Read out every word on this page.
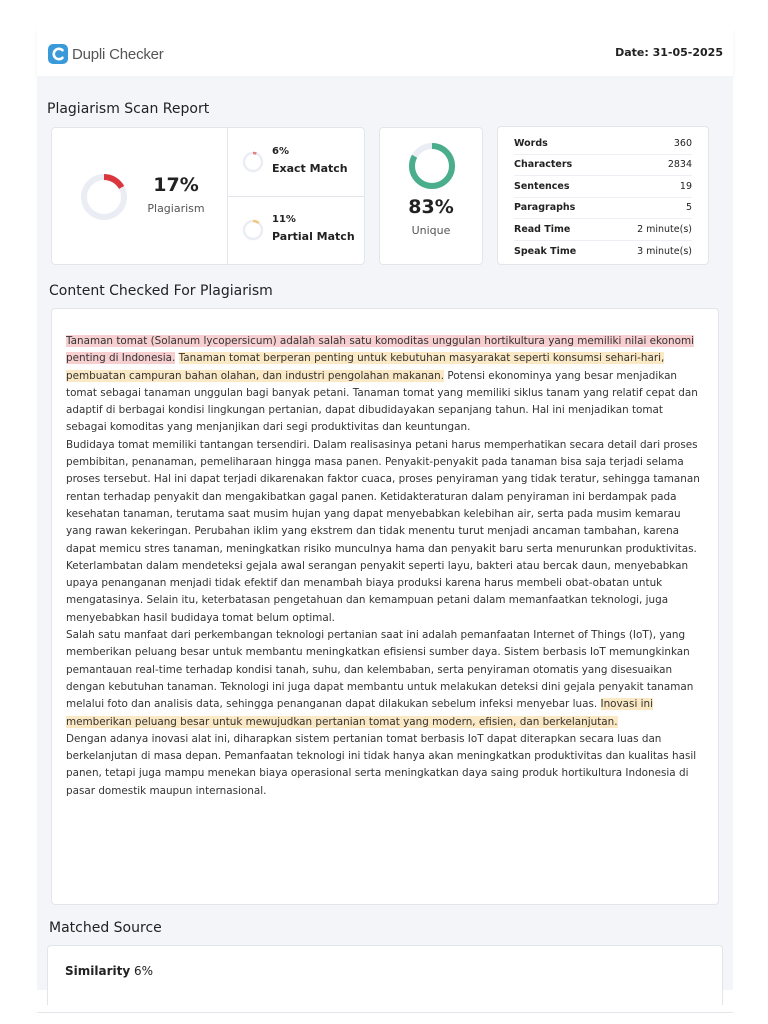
Dupli Checker	Date: 31-05-2025
Plagiarism Scan Report
17%
Plagiarism
6%
Exact Match
11%
Partial Match
83%
Unique
Words	360
Characters	2834
Sentences	19
Paragraphs	5
Read Time	2 minute(s)
Speak Time	3 minute(s)
Content Checked For Plagiarism

Tanaman tomat (Solanum lycopersicum) adalah salah satu komoditas unggulan hortikultura yang memiliki nilai ekonomi penting di Indonesia. Tanaman tomat berperan penting untuk kebutuhan masyarakat seperti konsumsi sehari-hari, pembuatan campuran bahan olahan, dan industri pengolahan makanan. Potensi ekonominya yang besar menjadikan tomat sebagai tanaman unggulan bagi banyak petani. Tanaman tomat yang memiliki siklus tanam yang relatif cepat dan adaptif di berbagai kondisi lingkungan pertanian, dapat dibudidayakan sepanjang tahun. Hal ini menjadikan tomat sebagai komoditas yang menjanjikan dari segi produktivitas dan keuntungan.

Budidaya tomat memiliki tantangan tersendiri. Dalam realisasinya petani harus memperhatikan secara detail dari proses pembibitan, penanaman, pemeliharaan hingga masa panen. Penyakit-penyakit pada tanaman bisa saja terjadi selama proses tersebut. Hal ini dapat terjadi dikarenakan faktor cuaca, proses penyiraman yang tidak teratur, sehingga tamanan rentan terhadap penyakit dan mengakibatkan gagal panen. Ketidakteraturan dalam penyiraman ini berdampak pada kesehatan tanaman, terutama saat musim hujan yang dapat menyebabkan kelebihan air, serta pada musim kemarau yang rawan kekeringan. Perubahan iklim yang ekstrem dan tidak menentu turut menjadi ancaman tambahan, karena dapat memicu stres tanaman, meningkatkan risiko munculnya hama dan penyakit baru serta menurunkan produktivitas.

Keterlambatan dalam mendeteksi gejala awal serangan penyakit seperti layu, bakteri atau bercak daun, menyebabkan upaya penanganan menjadi tidak efektif dan menambah biaya produksi karena harus membeli obat-obatan untuk mengatasinya. Selain itu, keterbatasan pengetahuan dan kemampuan petani dalam memanfaatkan teknologi, juga menyebabkan hasil budidaya tomat belum optimal.

Salah satu manfaat dari perkembangan teknologi pertanian saat ini adalah pemanfaatan Internet of Things (IoT), yang memberikan peluang besar untuk membantu meningkatkan efisiensi sumber daya. Sistem berbasis IoT memungkinkan pemantauan real-time terhadap kondisi tanah, suhu, dan kelembaban, serta penyiraman otomatis yang disesuaikan dengan kebutuhan tanaman. Teknologi ini juga dapat membantu untuk melakukan deteksi dini gejala penyakit tanaman melalui foto dan analisis data, sehingga penanganan dapat dilakukan sebelum infeksi menyebar luas. Inovasi ini memberikan peluang besar untuk mewujudkan pertanian tomat yang modern, efisien, dan berkelanjutan.

Dengan adanya inovasi alat ini, diharapkan sistem pertanian tomat berbasis IoT dapat diterapkan secara luas dan berkelanjutan di masa depan. Pemanfaatan teknologi ini tidak hanya akan meningkatkan produktivitas dan kualitas hasil panen, tetapi juga mampu menekan biaya operasional serta meningkatkan daya saing produk hortikultura Indonesia di pasar domestik maupun internasional.

Matched Source
Similarity 6%
